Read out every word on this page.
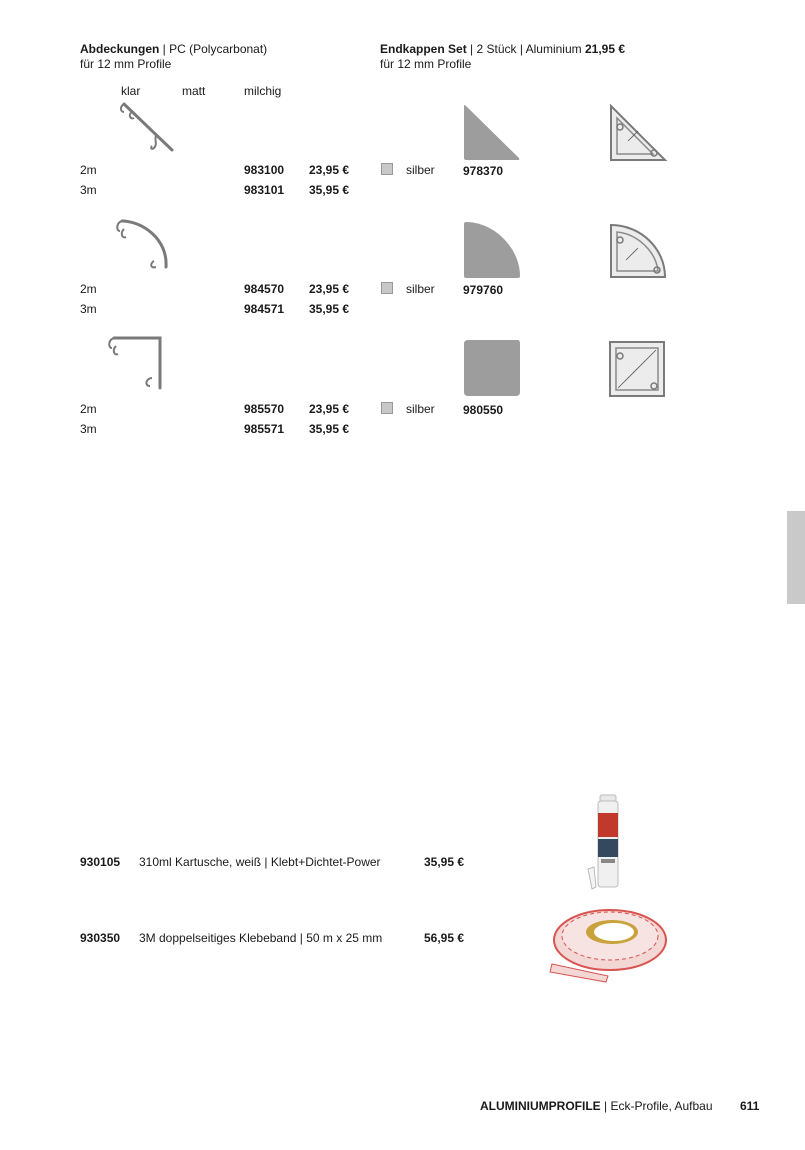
Abdeckungen | PC (Polycarbonat)
für 12 mm Profile
klar	matt	milchig
Endkappen Set | 2 Stück | Aluminium 21,95 €
für 12 mm Profile
2m	983100 23,95 €
3m	983101 35,95 €
silber 978370
2m	984570 23,95 €
3m	984571 35,95 €
silber 979760
2m	985570 23,95 €
3m	985571 35,95 €
silber 980550
930105 310ml Kartusche, weiß | Klebt+Dichtet-Power	35,95 €
930350 3M doppelseitiges Klebeband | 50 m x 25 mm	56,95 €
ALUMINIUMPROFILE | Eck-Profile, Aufbau 611
